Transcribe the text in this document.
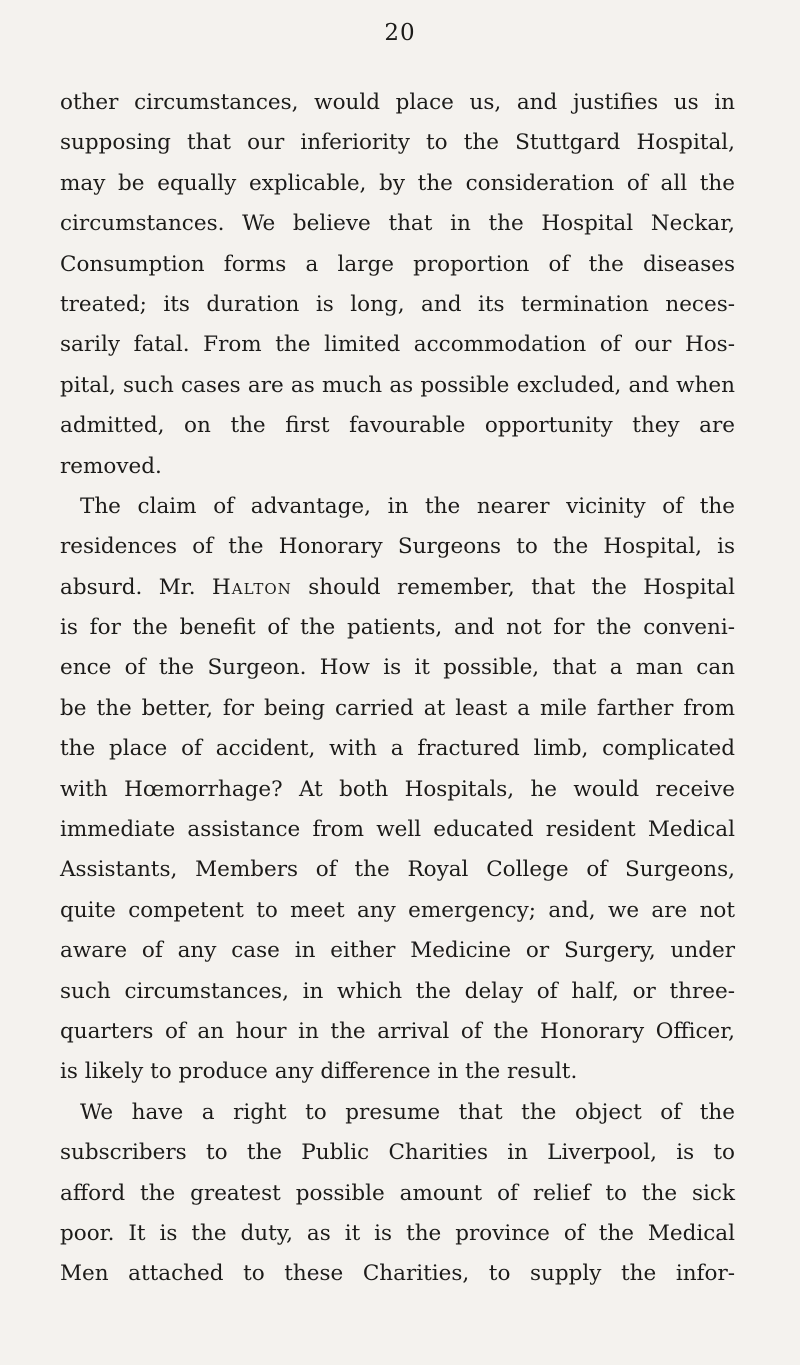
20
other circumstances, would place us, and justifies us in
supposing that our inferiority to the Stuttgard Hospital,
may be equally explicable, by the consideration of all the
circumstances. We believe that in the Hospital Neckar,
Consumption forms a large proportion of the diseases
treated; its duration is long, and its termination neces-
sarily fatal. From the limited accommodation of our Hos-
pital, such cases are as much as possible excluded, and when
admitted, on the first favourable opportunity they are
removed.
The claim of advantage, in the nearer vicinity of the
residences of the Honorary Surgeons to the Hospital, is
absurd. Mr. Halton should remember, that the Hospital
is for the benefit of the patients, and not for the conveni-
ence of the Surgeon. How is it possible, that a man can
be the better, for being carried at least a mile farther from
the place of accident, with a fractured limb, complicated
with Hœmorrhage? At both Hospitals, he would receive
immediate assistance from well educated resident Medical
Assistants, Members of the Royal College of Surgeons,
quite competent to meet any emergency; and, we are not
aware of any case in either Medicine or Surgery, under
such circumstances, in which the delay of half, or three-
quarters of an hour in the arrival of the Honorary Officer,
is likely to produce any difference in the result.
We have a right to presume that the object of the
subscribers to the Public Charities in Liverpool, is to
afford the greatest possible amount of relief to the sick
poor. It is the duty, as it is the province of the Medical
Men attached to these Charities, to supply the infor-
